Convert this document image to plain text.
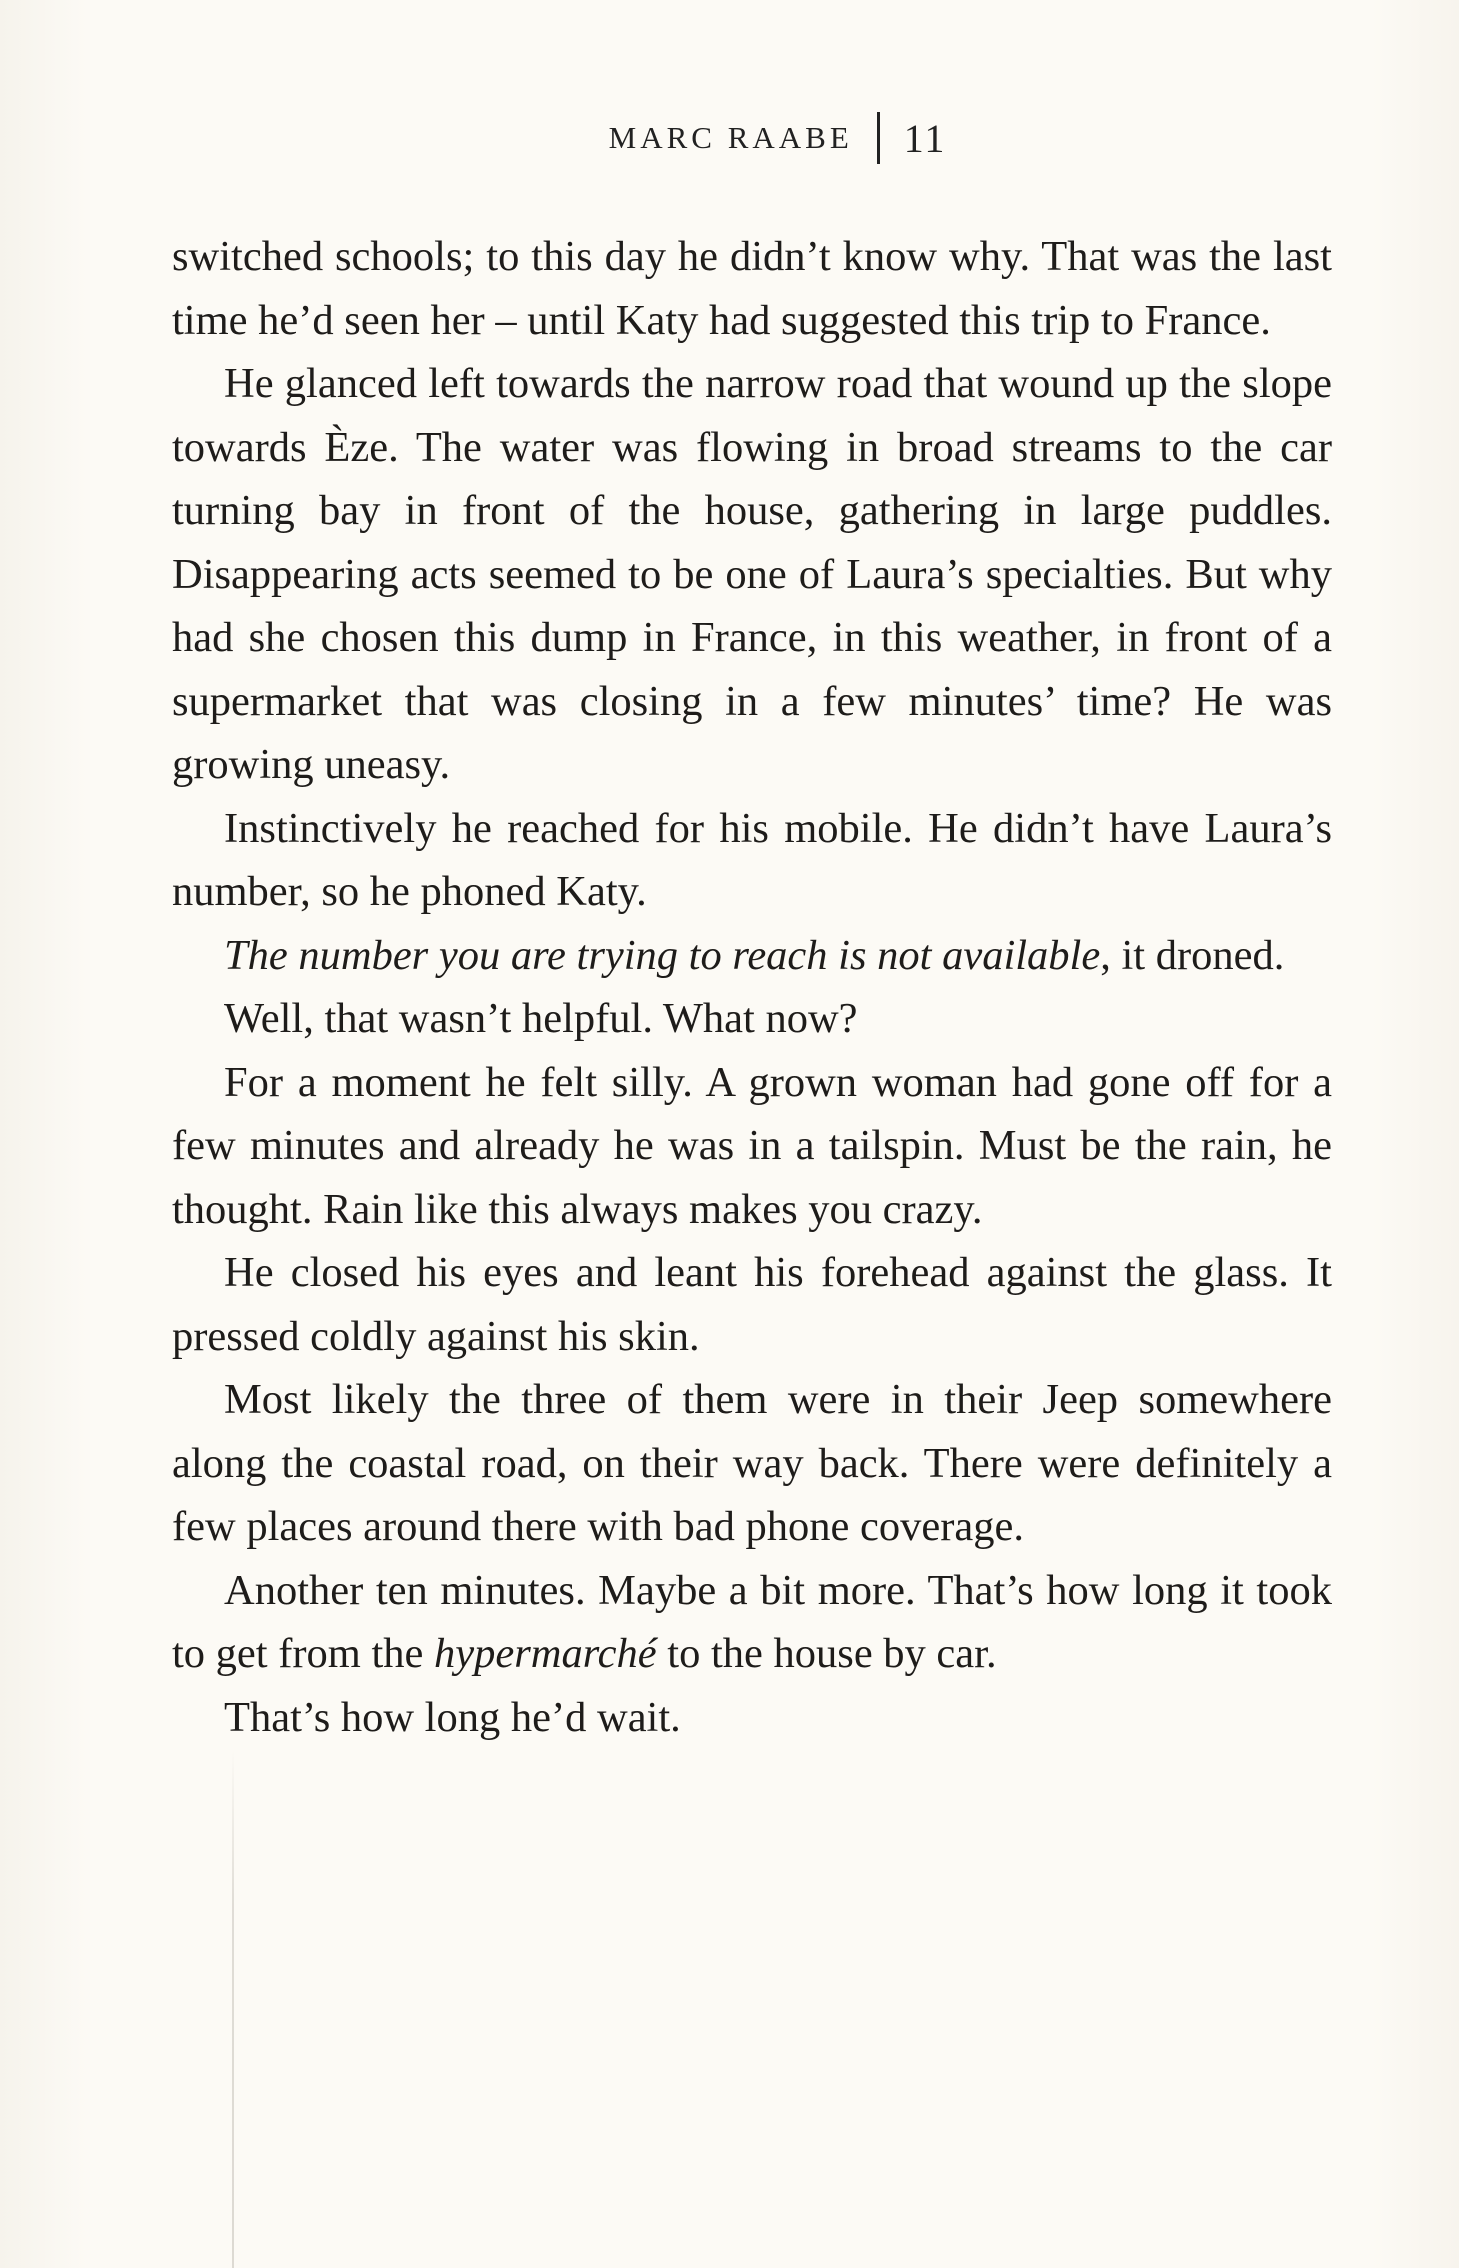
MARC RAABE 11

switched schools; to this day he didn’t know why. That was the last time he’d seen her – until Katy had suggested this trip to France.

He glanced left towards the narrow road that wound up the slope towards Èze. The water was flowing in broad streams to the car turning bay in front of the house, gathering in large puddles. Disappearing acts seemed to be one of Laura’s specialties. But why had she chosen this dump in France, in this weather, in front of a supermarket that was closing in a few minutes’ time? He was growing uneasy.

Instinctively he reached for his mobile. He didn’t have Laura’s number, so he phoned Katy.

The number you are trying to reach is not available, it droned.

Well, that wasn’t helpful. What now?

For a moment he felt silly. A grown woman had gone off for a few minutes and already he was in a tailspin. Must be the rain, he thought. Rain like this always makes you crazy.

He closed his eyes and leant his forehead against the glass. It pressed coldly against his skin.

Most likely the three of them were in their Jeep somewhere along the coastal road, on their way back. There were definitely a few places around there with bad phone coverage.

Another ten minutes. Maybe a bit more. That’s how long it took to get from the hypermarché to the house by car.

That’s how long he’d wait.
